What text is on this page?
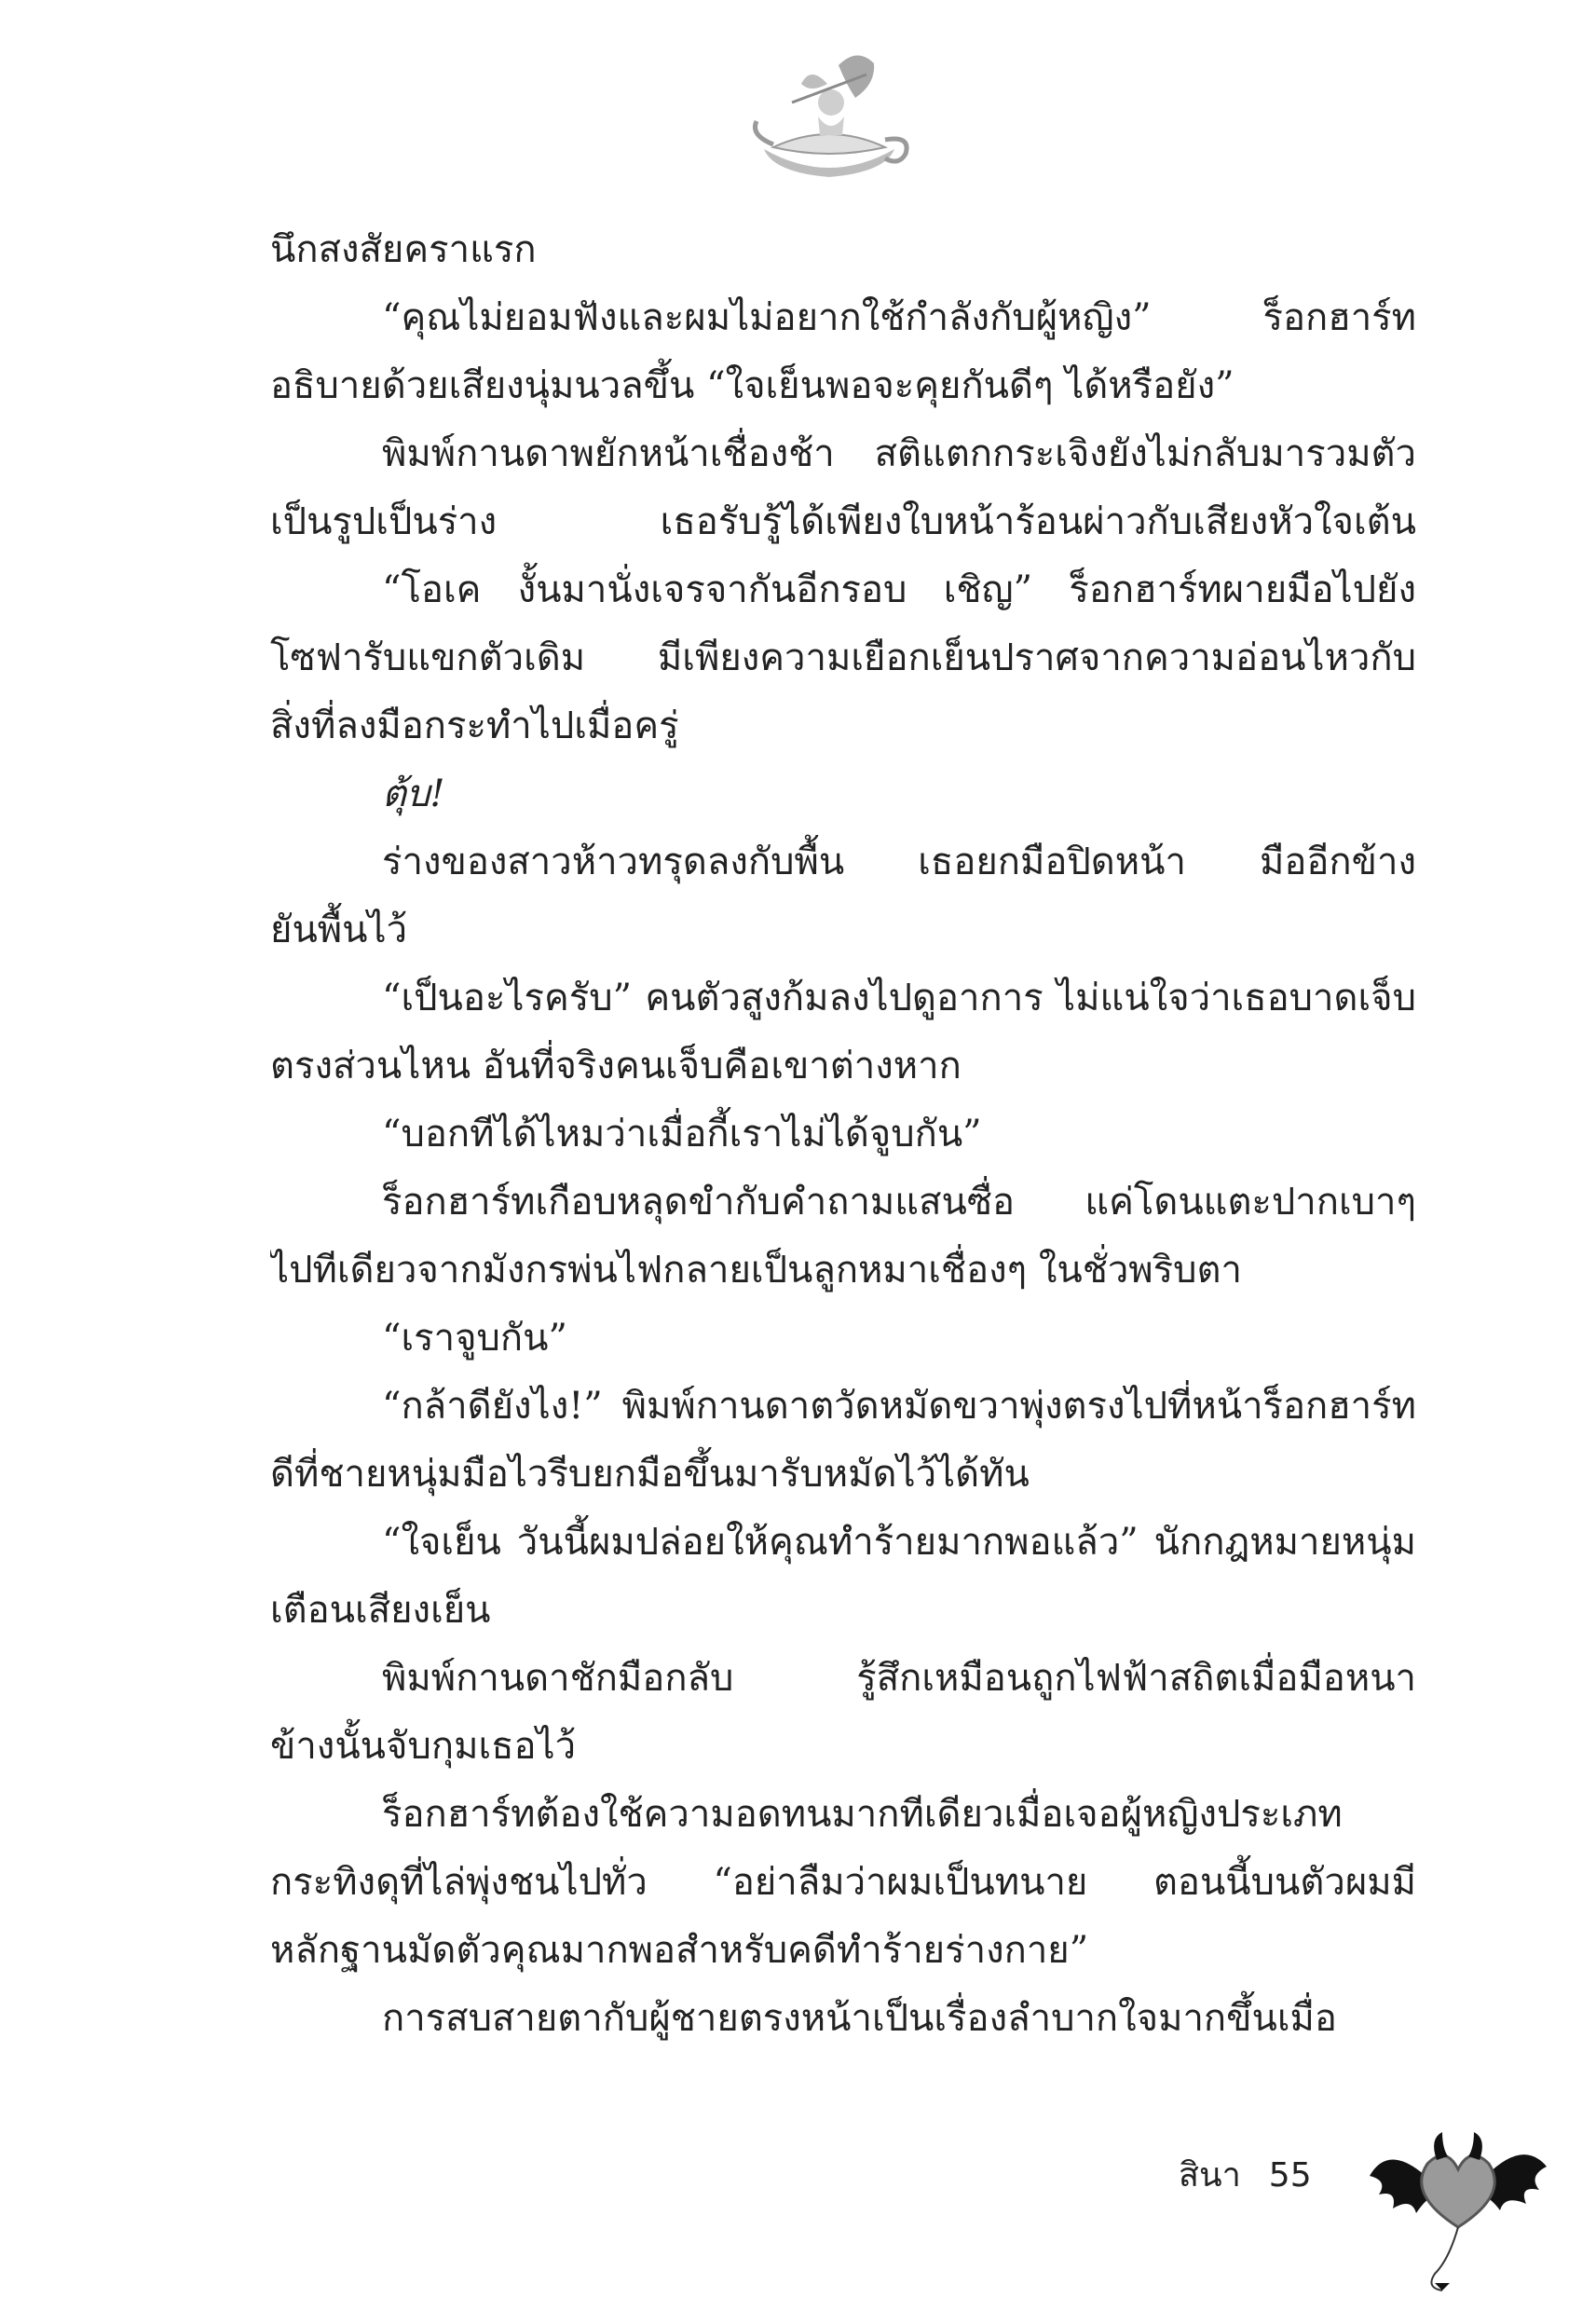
นึกสงสัยคราแรก
“คุณไม่ยอมฟังและผมไม่อยากใช้กำลังกับผู้หญิง” ร็อกฮาร์ท
อธิบายด้วยเสียงนุ่มนวลขึ้น “ใจเย็นพอจะคุยกันดีๆ ได้หรือยัง”
พิมพ์กานดาพยักหน้าเชื่องช้า สติแตกกระเจิงยังไม่กลับมารวมตัว
เป็นรูปเป็นร่าง เธอรับรู้ได้เพียงใบหน้าร้อนผ่าวกับเสียงหัวใจเต้น
“โอเค งั้นมานั่งเจรจากันอีกรอบ เชิญ” ร็อกฮาร์ทผายมือไปยัง
โซฟารับแขกตัวเดิม มีเพียงความเยือกเย็นปราศจากความอ่อนไหวกับ
สิ่งที่ลงมือกระทำไปเมื่อครู่
ตุ้บ!
ร่างของสาวห้าวทรุดลงกับพื้น เธอยกมือปิดหน้า มืออีกข้าง
ยันพื้นไว้
“เป็นอะไรครับ” คนตัวสูงก้มลงไปดูอาการ ไม่แน่ใจว่าเธอบาดเจ็บ
ตรงส่วนไหน อันที่จริงคนเจ็บคือเขาต่างหาก
“บอกทีได้ไหมว่าเมื่อกี้เราไม่ได้จูบกัน”
ร็อกฮาร์ทเกือบหลุดขำกับคำถามแสนซื่อ แค่โดนแตะปากเบาๆ
ไปทีเดียวจากมังกรพ่นไฟกลายเป็นลูกหมาเชื่องๆ ในชั่วพริบตา
“เราจูบกัน”
“กล้าดียังไง!” พิมพ์กานดาตวัดหมัดขวาพุ่งตรงไปที่หน้าร็อกฮาร์ท
ดีที่ชายหนุ่มมือไวรีบยกมือขึ้นมารับหมัดไว้ได้ทัน
“ใจเย็น วันนี้ผมปล่อยให้คุณทำร้ายมากพอแล้ว” นักกฎหมายหนุ่ม
เตือนเสียงเย็น
พิมพ์กานดาชักมือกลับ รู้สึกเหมือนถูกไฟฟ้าสถิตเมื่อมือหนา
ข้างนั้นจับกุมเธอไว้
ร็อกฮาร์ทต้องใช้ความอดทนมากทีเดียวเมื่อเจอผู้หญิงประเภท
กระทิงดุที่ไล่พุ่งชนไปทั่ว “อย่าลืมว่าผมเป็นทนาย ตอนนี้บนตัวผมมี
หลักฐานมัดตัวคุณมากพอสำหรับคดีทำร้ายร่างกาย”
การสบสายตากับผู้ชายตรงหน้าเป็นเรื่องลำบากใจมากขึ้นเมื่อ
สินา 55
